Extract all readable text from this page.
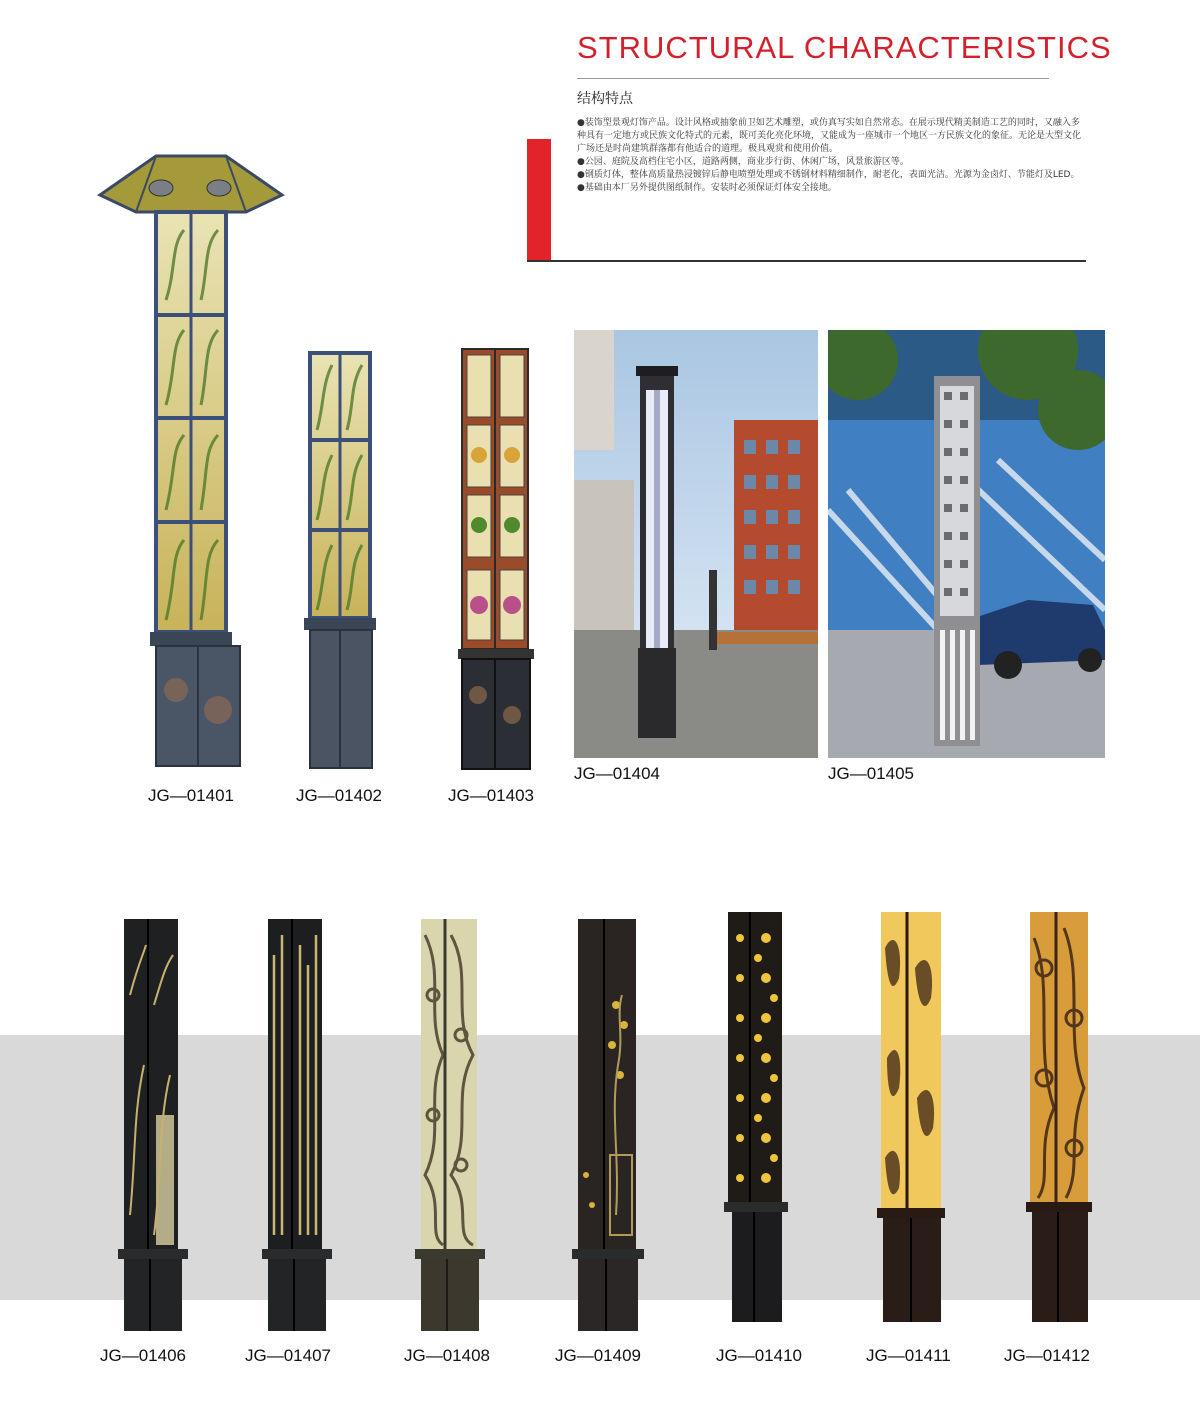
STRUCTURAL CHARACTERISTICS
结构特点

●装饰型景观灯饰产品。设计风格或抽象前卫如艺术雕塑，或仿真写实如自然常态。在展示现代精美制造工艺的同时，又融入多种具有一定地方或民族文化特式的元素，既可美化亮化环境，又能成为一座城市一个地区一方民族文化的象征。无论是大型文化广场还是时尚建筑群落都有他适合的道理。极具观赏和使用价值。

●公园、庭院及高档住宅小区，道路两侧，商业步行街、休闲广场，风景旅游区等。

●钢质灯体，整体高质量热浸镀锌后静电喷塑处理或不锈钢材料精细制作，耐老化，表面光洁。光源为金卤灯、节能灯及LED。

●基础由本厂另外提供图纸制作。安装时必须保证灯体安全接地。

JG—01401	JG—01402	JG—01403
JG—01404	JG—01405
JG—01406	JG—01407	JG—01408	JG—01409	JG—01410	JG—01411	JG—01412
